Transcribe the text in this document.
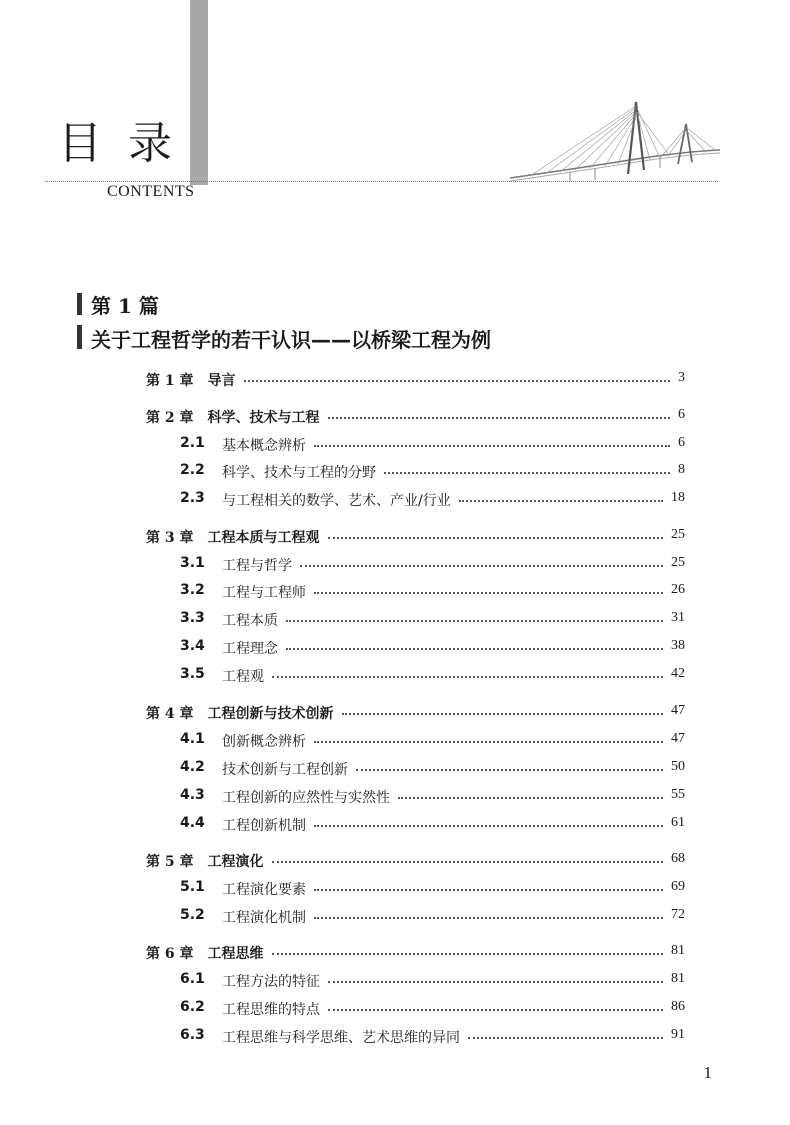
目录
CONTENTS
第 1 篇
关于工程哲学的若干认识——以桥梁工程为例
第 1 章　导言	3
第 2 章　科学、技术与工程	6
2.1 基本概念辨析	6
2.2 科学、技术与工程的分野	8
2.3 与工程相关的数学、艺术、产业/行业	18
第 3 章　工程本质与工程观	25
3.1 工程与哲学	25
3.2 工程与工程师	26
3.3 工程本质	31
3.4 工程理念	38
3.5 工程观	42
第 4 章　工程创新与技术创新	47
4.1 创新概念辨析	47
4.2 技术创新与工程创新	50
4.3 工程创新的应然性与实然性	55
4.4 工程创新机制	61
第 5 章　工程演化	68
5.1 工程演化要素	69
5.2 工程演化机制	72
第 6 章　工程思维	81
6.1 工程方法的特征	81
6.2 工程思维的特点	86
6.3 工程思维与科学思维、艺术思维的异同	91
1
